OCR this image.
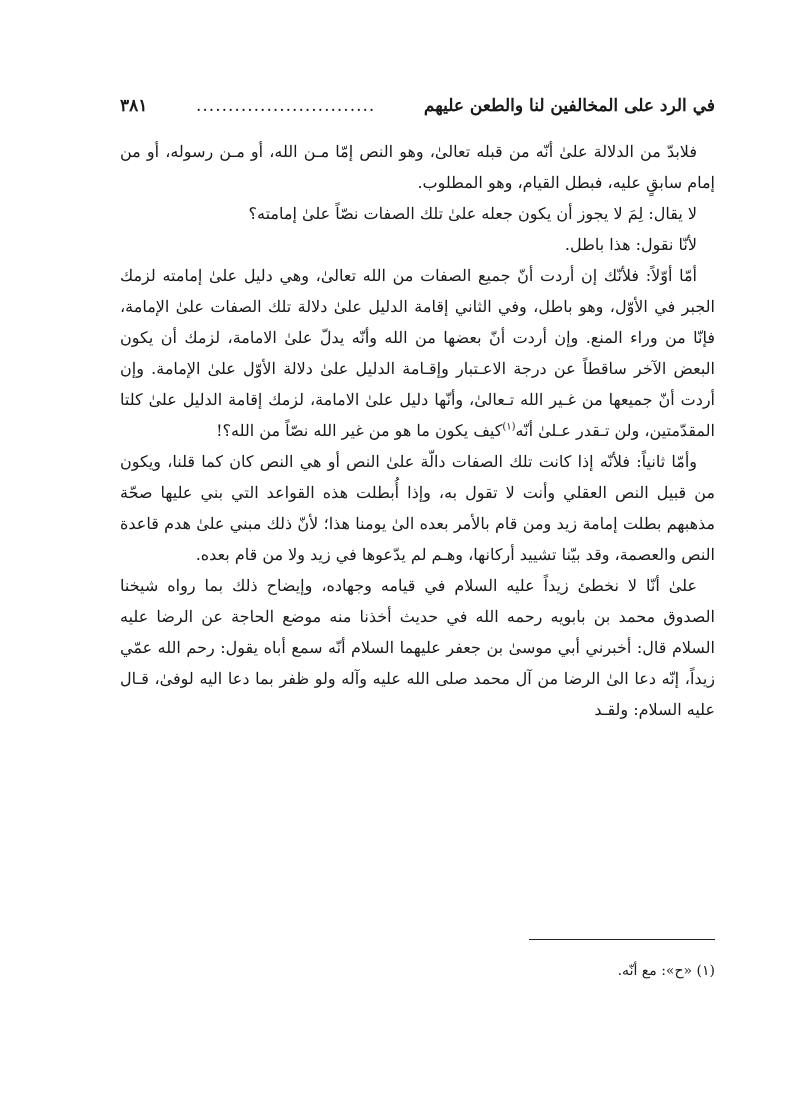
في الرد على المخالفين لنا والطعن عليهم
............................
٣٨١

فلابدّ من الدلالة علىٰ أنّه من قبله تعالىٰ، وهو النص إمّا مـن الله، أو مـن رسوله، أو من إمام سابقٍ عليه، فبطل القيام، وهو المطلوب.

لا يقال: لِمَ لا يجوز أن يكون جعله علىٰ تلك الصفات نصّاً علىٰ إمامته؟

لأنّا نقول: هذا باطل.

أمّا أوّلاً: فلأنّك إن أردت أنّ جميع الصفات من الله تعالىٰ، وهي دليل علىٰ إمامته لزمك الجبر في الأوّل، وهو باطل، وفي الثاني إقامة الدليل علىٰ دلالة تلك الصفات علىٰ الإمامة، فإنّا من وراء المنع. وإن أردت أنّ بعضها من الله وأنّه يدلّ علىٰ الامامة، لزمك أن يكون البعض الآخر ساقطاً عن درجة الاعـتبار وإقـامة الدليل علىٰ دلالة الأوّل علىٰ الإمامة. وإن أردت أنّ جميعها من غـير الله تـعالىٰ، وأنّها دليل علىٰ الامامة، لزمك إقامة الدليل علىٰ كلتا المقدّمتين، ولن تـقدر عـلىٰ أنّه$^{(١)}$كيف يكون ما هو من غير الله نصّاً من الله؟!

وأمّا ثانياً: فلأنّه إذا كانت تلك الصفات دالّة علىٰ النص أو هي النص كان كما قلنا، ويكون من قبيل النص العقلي وأنت لا تقول به، وإذا أُبطلت هذه القواعد التي بني عليها صحّة مذهبهم بطلت إمامة زيد ومن قام بالأمر بعده الىٰ يومنا هذا؛ لأنّ ذلك مبني علىٰ هدم قاعدة النص والعصمة، وقد بيّنا تشييد أركانها، وهـم لم يدّعوها في زيد ولا من قام بعده.

علىٰ أنّا لا نخطئ زيداً عليه السلام في قيامه وجهاده، وإيضاح ذلك بما رواه شيخنا الصدوق محمد بن بابويه رحمه الله في حديث أخذنا منه موضع الحاجة عن الرضا عليه السلام قال: أخبرني أبي موسىٰ بن جعفر عليهما السلام أنّه سمع أباه يقول: رحم الله عمّي زيداً، إنّه دعا الىٰ الرضا من آل محمد صلى الله عليه وآله ولو ظفر بما دعا اليه لوفىٰ، قـال عليه السلام: ولقـد

(١) «ح»: مع أنّه.
